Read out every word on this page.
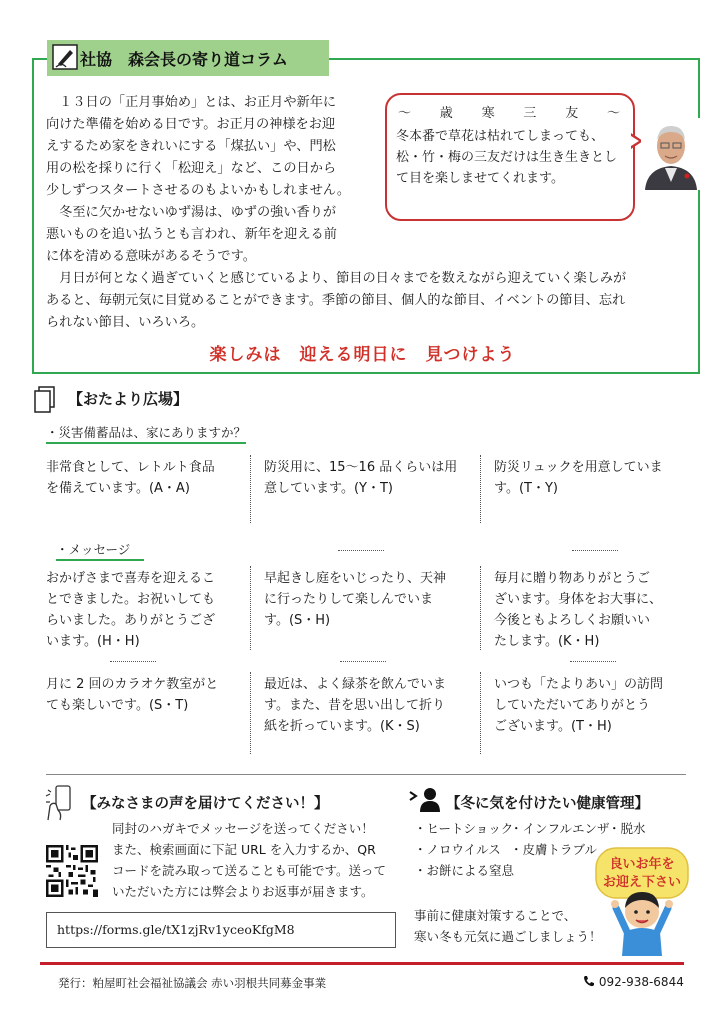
社協　森会長の寄り道コラム
　１３日の「正月事始め」とは、お正月や新年に
向けた準備を始める日です。お正月の神様をお迎
えするため家をきれいにする「煤払い」や、門松
用の松を採りに行く「松迎え」など、この日から
少しずつスタートさせるのもよいかもしれません。
　冬至に欠かせないゆず湯は、ゆずの強い香りが
悪いものを追い払うとも言われ、新年を迎える前
に体を清める意味があるそうです。
　月日が何となく過ぎていくと感じているより、節目の日々までを数えながら迎えていく楽しみが
あると、毎朝元気に目覚めることができます。季節の節目、個人的な節目、イベントの節目、忘れ
られない節目、いろいろ。
～ 歳 寒 三 友 ～
冬本番で草花は枯れてしまっても、松・竹・梅の三友だけは生き生きとして目を楽しませてくれます。
楽しみは　迎える明日に　見つけよう
【おたより広場】
・災害備蓄品は、家にありますか？
非常食として、レトルト食品
を備えています。(A・A)
防災用に、15～16 品くらいは用
意しています。(Y・T)
防災リュックを用意していま
す。(T・Y)
・メッセージ
おかげさまで喜寿を迎えるこ
とできました。お祝いしても
らいました。ありがとうござ
います。(H・H)
早起きし庭をいじったり、天神
に行ったりして楽しんでいま
す。(S・H)
毎月に贈り物ありがとうご
ざいます。身体をお大事に、
今後ともよろしくお願いい
たします。(K・H)
月に 2 回のカラオケ教室がと
ても楽しいです。(S・T)
最近は、よく緑茶を飲んでいま
す。また、昔を思い出して折り
紙を折っています。(K・S)
いつも「たよりあい」の訪問
していただいてありがとう
ございます。(T・H)
【みなさまの声を届けてください！】
同封のハガキでメッセージを送ってください！
また、検索画面に下記 URL を入力するか、QR
コードを読み取って送ることも可能です。送って
いただいた方には弊会よりお返事が届きます。
https://forms.gle/tX1zjRv1yceoKfgM8
【冬に気を付けたい健康管理】
・ヒートショック
・インフルエンザ
・脱水
・ノロウイルス ・皮膚トラブル
・お餅による窒息
事前に健康対策することで、
寒い冬も元気に過ごしましょう！
良いお年を
お迎え下さい
発行：粕屋町社会福祉協議会 赤い羽根共同募金事業	092-938-6844
